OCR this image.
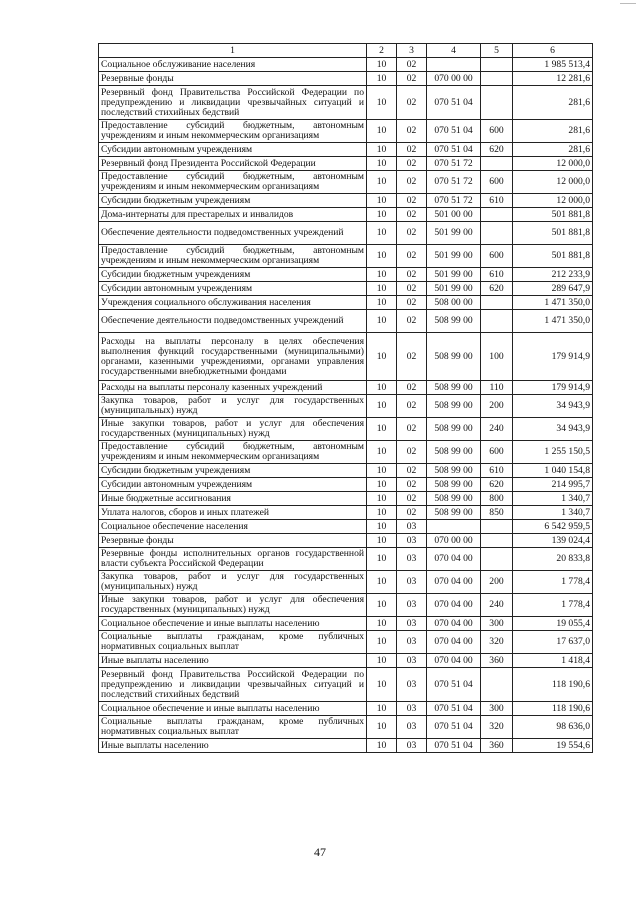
1	2	3	4	5	6
Социальное обслуживание населения	10	02			1 985 513,4
Резервные фонды	10	02	070 00 00		12 281,6
Резервный фонд Правительства Российской Федерации по предупреждению и ликвидации чрезвычайных ситуаций и последствий стихийных бедствий	10	02	070 51 04		281,6
Предоставление субсидий бюджетным, автономным учреждениям и иным некоммерческим организациям	10	02	070 51 04	600	281,6
Субсидии автономным учреждениям	10	02	070 51 04	620	281,6
Резервный фонд Президента Российской Федерации	10	02	070 51 72		12 000,0
Предоставление субсидий бюджетным, автономным учреждениям и иным некоммерческим организациям	10	02	070 51 72	600	12 000,0
Субсидии бюджетным учреждениям	10	02	070 51 72	610	12 000,0
Дома-интернаты для престарелых и инвалидов	10	02	501 00 00		501 881,8
Обеспечение деятельности подведомственных учреждений	10	02	501 99 00		501 881,8
Предоставление субсидий бюджетным, автономным учреждениям и иным некоммерческим организациям	10	02	501 99 00	600	501 881,8
Субсидии бюджетным учреждениям	10	02	501 99 00	610	212 233,9
Субсидии автономным учреждениям	10	02	501 99 00	620	289 647,9
Учреждения социального обслуживания населения	10	02	508 00 00		1 471 350,0
Обеспечение деятельности подведомственных учреждений	10	02	508 99 00		1 471 350,0
Расходы на выплаты персоналу в целях обеспечения выполнения функций государственными (муниципальными) органами, казенными учреждениями, органами управления государственными внебюджетными фондами	10	02	508 99 00	100	179 914,9
Расходы на выплаты персоналу казенных учреждений	10	02	508 99 00	110	179 914,9
Закупка товаров, работ и услуг для государственных (муниципальных) нужд	10	02	508 99 00	200	34 943,9
Иные закупки товаров, работ и услуг для обеспечения государственных (муниципальных) нужд	10	02	508 99 00	240	34 943,9
Предоставление субсидий бюджетным, автономным учреждениям и иным некоммерческим организациям	10	02	508 99 00	600	1 255 150,5
Субсидии бюджетным учреждениям	10	02	508 99 00	610	1 040 154,8
Субсидии автономным учреждениям	10	02	508 99 00	620	214 995,7
Иные бюджетные ассигнования	10	02	508 99 00	800	1 340,7
Уплата налогов, сборов и иных платежей	10	02	508 99 00	850	1 340,7
Социальное обеспечение населения	10	03			6 542 959,5
Резервные фонды	10	03	070 00 00		139 024,4
Резервные фонды исполнительных органов государственной власти субъекта Российской Федерации	10	03	070 04 00		20 833,8
Закупка товаров, работ и услуг для государственных (муниципальных) нужд	10	03	070 04 00	200	1 778,4
Иные закупки товаров, работ и услуг для обеспечения государственных (муниципальных) нужд	10	03	070 04 00	240	1 778,4
Социальное обеспечение и иные выплаты населению	10	03	070 04 00	300	19 055,4
Социальные выплаты гражданам, кроме публичных нормативных социальных выплат	10	03	070 04 00	320	17 637,0
Иные выплаты населению	10	03	070 04 00	360	1 418,4
Резервный фонд Правительства Российской Федерации по предупреждению и ликвидации чрезвычайных ситуаций и последствий стихийных бедствий	10	03	070 51 04		118 190,6
Социальное обеспечение и иные выплаты населению	10	03	070 51 04	300	118 190,6
Социальные выплаты гражданам, кроме публичных нормативных социальных выплат	10	03	070 51 04	320	98 636,0
Иные выплаты населению	10	03	070 51 04	360	19 554,6
47
